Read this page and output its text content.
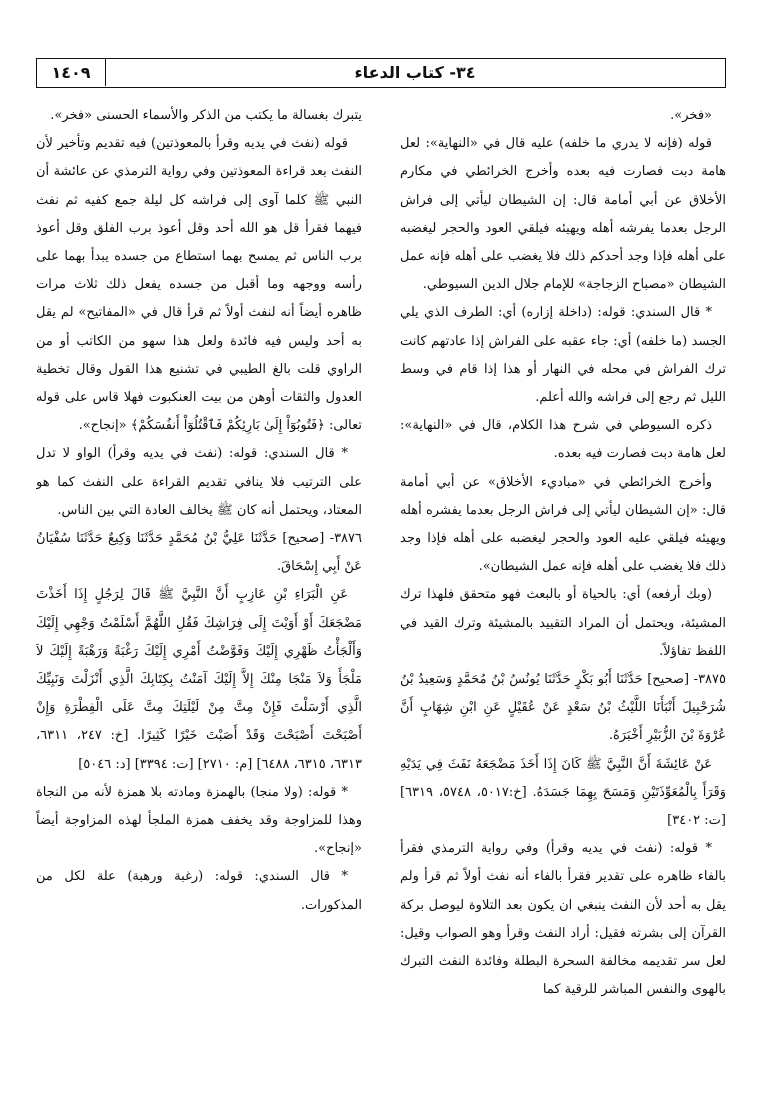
١٤٠٩	٣٤- كتاب الدعاء

«فخر».

قوله (فإنه لا يدري ما خلفه) عليه قال في «النهاية»: لعل هامة دبت فصارت فيه بعده وأخرج الخرائطي في مكارم الأخلاق عن أبي أمامة قال: إن الشيطان ليأتي إلى فراش الرجل بعدما يفرشه أهله ويهيئه فيلقي العود والحجر ليغضبه على أهله فإذا وجد أحدكم ذلك فلا يغضب على أهله فإنه عمل الشيطان «مصباح الزجاجة» للإمام جلال الدين السيوطي.

* قال السندي: قوله: (داخلة إزاره) أي: الطرف الذي يلي الجسد (ما خلفه) أي: جاء عقبه على الفراش إذا عادتهم كانت ترك الفراش في محله في النهار أو هذا إذا قام في وسط الليل ثم رجع إلى فراشه والله أعلم.

ذكره السيوطي في شرح هذا الكلام، قال في «النهاية»: لعل هامة دبت فصارت فيه بعده.

وأخرج الخرائطي في «مباديء الأخلاق» عن أبي أمامة قال: «إن الشيطان ليأتي إلى فراش الرجل بعدما يفشره أهله ويهيئه فيلقي عليه العود والحجر ليغضبه على أهله فإذا وجد ذلك فلا يغضب على أهله فإنه عمل الشيطان».

(وبك أرفعه) أي: بالحياة أو بالبعث فهو متحقق فلهذا ترك المشيئة، ويحتمل أن المراد التقييد بالمشيئة وترك القيد في اللفظ تفاؤلاً.

٣٨٧٥- [صحيح] حَدَّثَنَا أَبُو بَكْرٍ حَدَّثَنَا يُونُسُ بْنُ مُحَمَّدٍ وَسَعِيدُ بْنُ شُرَحْبِيلَ أَنْبَأَنَا اللَّيْثُ بْنُ سَعْدٍ عَنْ عُقَيْلٍ عَنِ ابْنِ شِهَابٍ أَنَّ عُرْوَةَ بْنَ الزُّبَيْرِ أَخْبَرَهُ.

عَنْ عَائِشَةَ أَنَّ النَّبِيَّ ﷺ كَانَ إِذَا أَخَذَ مَضْجَعَهُ نَفَثَ فِي يَدَيْهِ وَقَرَأَ بِالْمُعَوِّذَتَيْنِ وَمَسَحَ بِهِمَا جَسَدَهُ. [خ:٥٠١٧، ٥٧٤٨، ٦٣١٩] [ت: ٣٤٠٢]

* قوله: (نفث في يديه وقرأ) وفي رواية الترمذي فقرأ بالفاء ظاهره على تقدير فقرأ بالفاء أنه نفث أولاً ثم قرأ ولم يقل به أحد لأن النفث ينبغي ان يكون بعد التلاوة ليوصل بركة القرآن إلى بشرته فقيل: أراد النفث وقرأ وهو الصواب وقيل: لعل سر تقديمه مخالفة السحرة البطلة وفائدة النفث التبرك بالهوى والنفس المباشر للرقية كما

يتبرك بغسالة ما يكتب من الذكر والأسماء الحسنى «فخر».

قوله (نفث في يديه وقرأ بالمعوذتين) فيه تقديم وتأخير لأن النفث بعد قراءة المعوذتين وفي رواية الترمذي عن عائشة أن النبي ﷺ كلما آوى إلى فراشه كل ليلة جمع كفيه ثم نفث فيهما فقرأ قل هو الله أحد وقل أعوذ برب الفلق وقل أعوذ برب الناس ثم يمسح بهما استطاع من جسده يبدأ بهما على رأسه ووجهه وما أقبل من جسده يفعل ذلك ثلاث مرات ظاهره أيضاً أنه لنفث أولاً ثم قرأ قال في «المفاتيح» لم يقل به أحد وليس فيه فائدة ولعل هذا سهو من الكاتب أو من الراوي قلت بالغ الطيبي في تشنيع هذا القول وقال تخطية العدول والثقات أوهن من بيت العنكبوت فهلا قاس على قوله تعالى: ﴿فَتُوبُوٓاْ إِلَىٰ بَارِئِكُمْ فَٱقْتُلُوٓاْ أَنفُسَكُمْ﴾ «إنجاح».

* قال السندي: قوله: (نفث في يديه وقرأ) الواو لا تدل على الترتيب فلا ينافي تقديم القراءة على النفث كما هو المعتاد، ويحتمل أنه كان ﷺ يخالف العادة التي بين الناس.

٣٨٧٦- [صحيح] حَدَّثَنَا عَلِيُّ بْنُ مُحَمَّدٍ حَدَّثَنَا وَكِيعٌ حَدَّثَنَا سُفْيَانُ عَنْ أَبِي إِسْحَاقَ.

عَنِ الْبَرَاءِ بْنِ عَازِبٍ أَنَّ النَّبِيَّ ﷺ قَالَ لِرَجُلٍ إِذَا أَخَذْتَ مَضْجَعَكَ أَوْ أَوَيْتَ إِلَى فِرَاشِكَ فَقُلِ اللَّهُمَّ أَسْلَمْتُ وَجْهِي إِلَيْكَ وَأَلْجَأْتُ ظَهْرِي إِلَيْكَ وَفَوَّضْتُ أَمْرِي إِلَيْكَ رَغْبَةً وَرَهْبَةً إِلَيْكَ لاَ مَلْجَأَ وَلاَ مَنْجَا مِنْكَ إِلاَّ إِلَيْكَ آمَنْتُ بِكِتَابِكَ الَّذِي أَنْزَلْتَ وَنَبِيِّكَ الَّذِي أَرْسَلْتَ فَإِنْ مِتَّ مِنْ لَيْلَتِكَ مِتَّ عَلَى الْفِطْرَةِ وَإِنْ أَصْبَحْتَ أَصْبَحْتَ وَقَدْ أَصَبْتَ خَيْرًا كَثِيرًا. [خ: ٢٤٧، ٦٣١١، ٦٣١٣، ٦٣١٥، ٦٤٨٨] [م: ٢٧١٠] [ت: ٣٣٩٤] [د: ٥٠٤٦]

* قوله: (ولا منجا) بالهمزة ومادته بلا همزة لأنه من النجاة وهذا للمزاوجة وقد يخفف همزة الملجأ لهذه المزاوجة أيضاً «إنجاح».

* قال السندي: قوله: (رغبة ورهبة) علة لكل من المذكورات.
